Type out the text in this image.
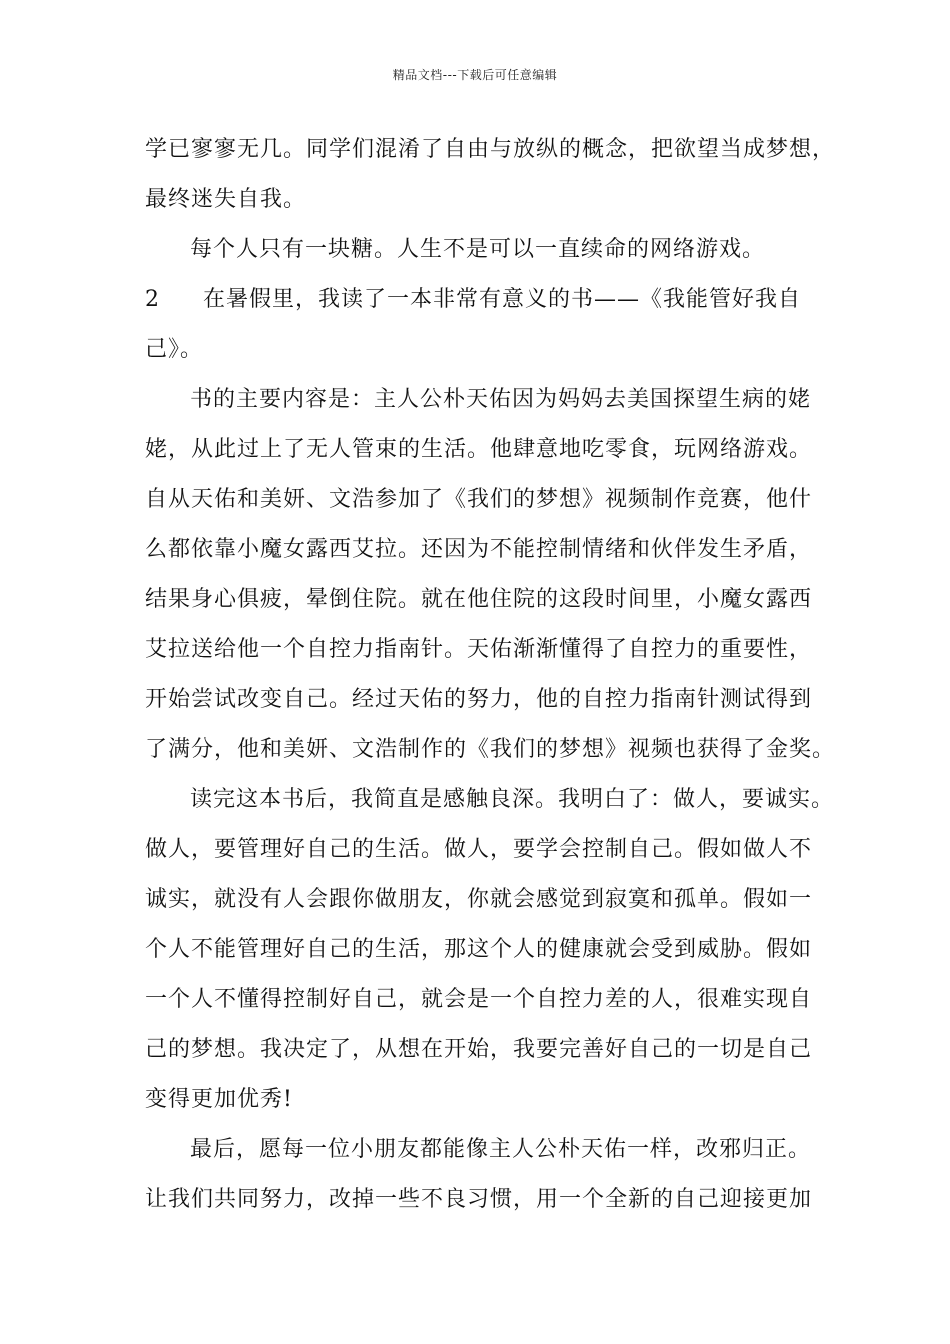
精品文档---下载后可任意编辑
学已寥寥无几。同学们混淆了自由与放纵的概念，把欲望当成梦想，
最终迷失自我。
每个人只有一块糖。人生不是可以一直续命的网络游戏。
2 在暑假里，我读了一本非常有意义的书——《我能管好我自
己》。
书的主要内容是：主人公朴天佑因为妈妈去美国探望生病的姥
姥，从此过上了无人管束的生活。他肆意地吃零食，玩网络游戏。
自从天佑和美妍、文浩参加了《我们的梦想》视频制作竞赛，他什
么都依靠小魔女露西艾拉。还因为不能控制情绪和伙伴发生矛盾，
结果身心俱疲，晕倒住院。就在他住院的这段时间里，小魔女露西
艾拉送给他一个自控力指南针。天佑渐渐懂得了自控力的重要性，
开始尝试改变自己。经过天佑的努力，他的自控力指南针测试得到
了满分，他和美妍、文浩制作的《我们的梦想》视频也获得了金奖。
读完这本书后，我简直是感触良深。我明白了：做人，要诚实。
做人，要管理好自己的生活。做人，要学会控制自己。假如做人不
诚实，就没有人会跟你做朋友，你就会感觉到寂寞和孤单。假如一
个人不能管理好自己的生活，那这个人的健康就会受到威胁。假如
一个人不懂得控制好自己，就会是一个自控力差的人，很难实现自
己的梦想。我决定了，从想在开始，我要完善好自己的一切是自己
变得更加优秀!
最后，愿每一位小朋友都能像主人公朴天佑一样，改邪归正。
让我们共同努力，改掉一些不良习惯，用一个全新的自己迎接更加
